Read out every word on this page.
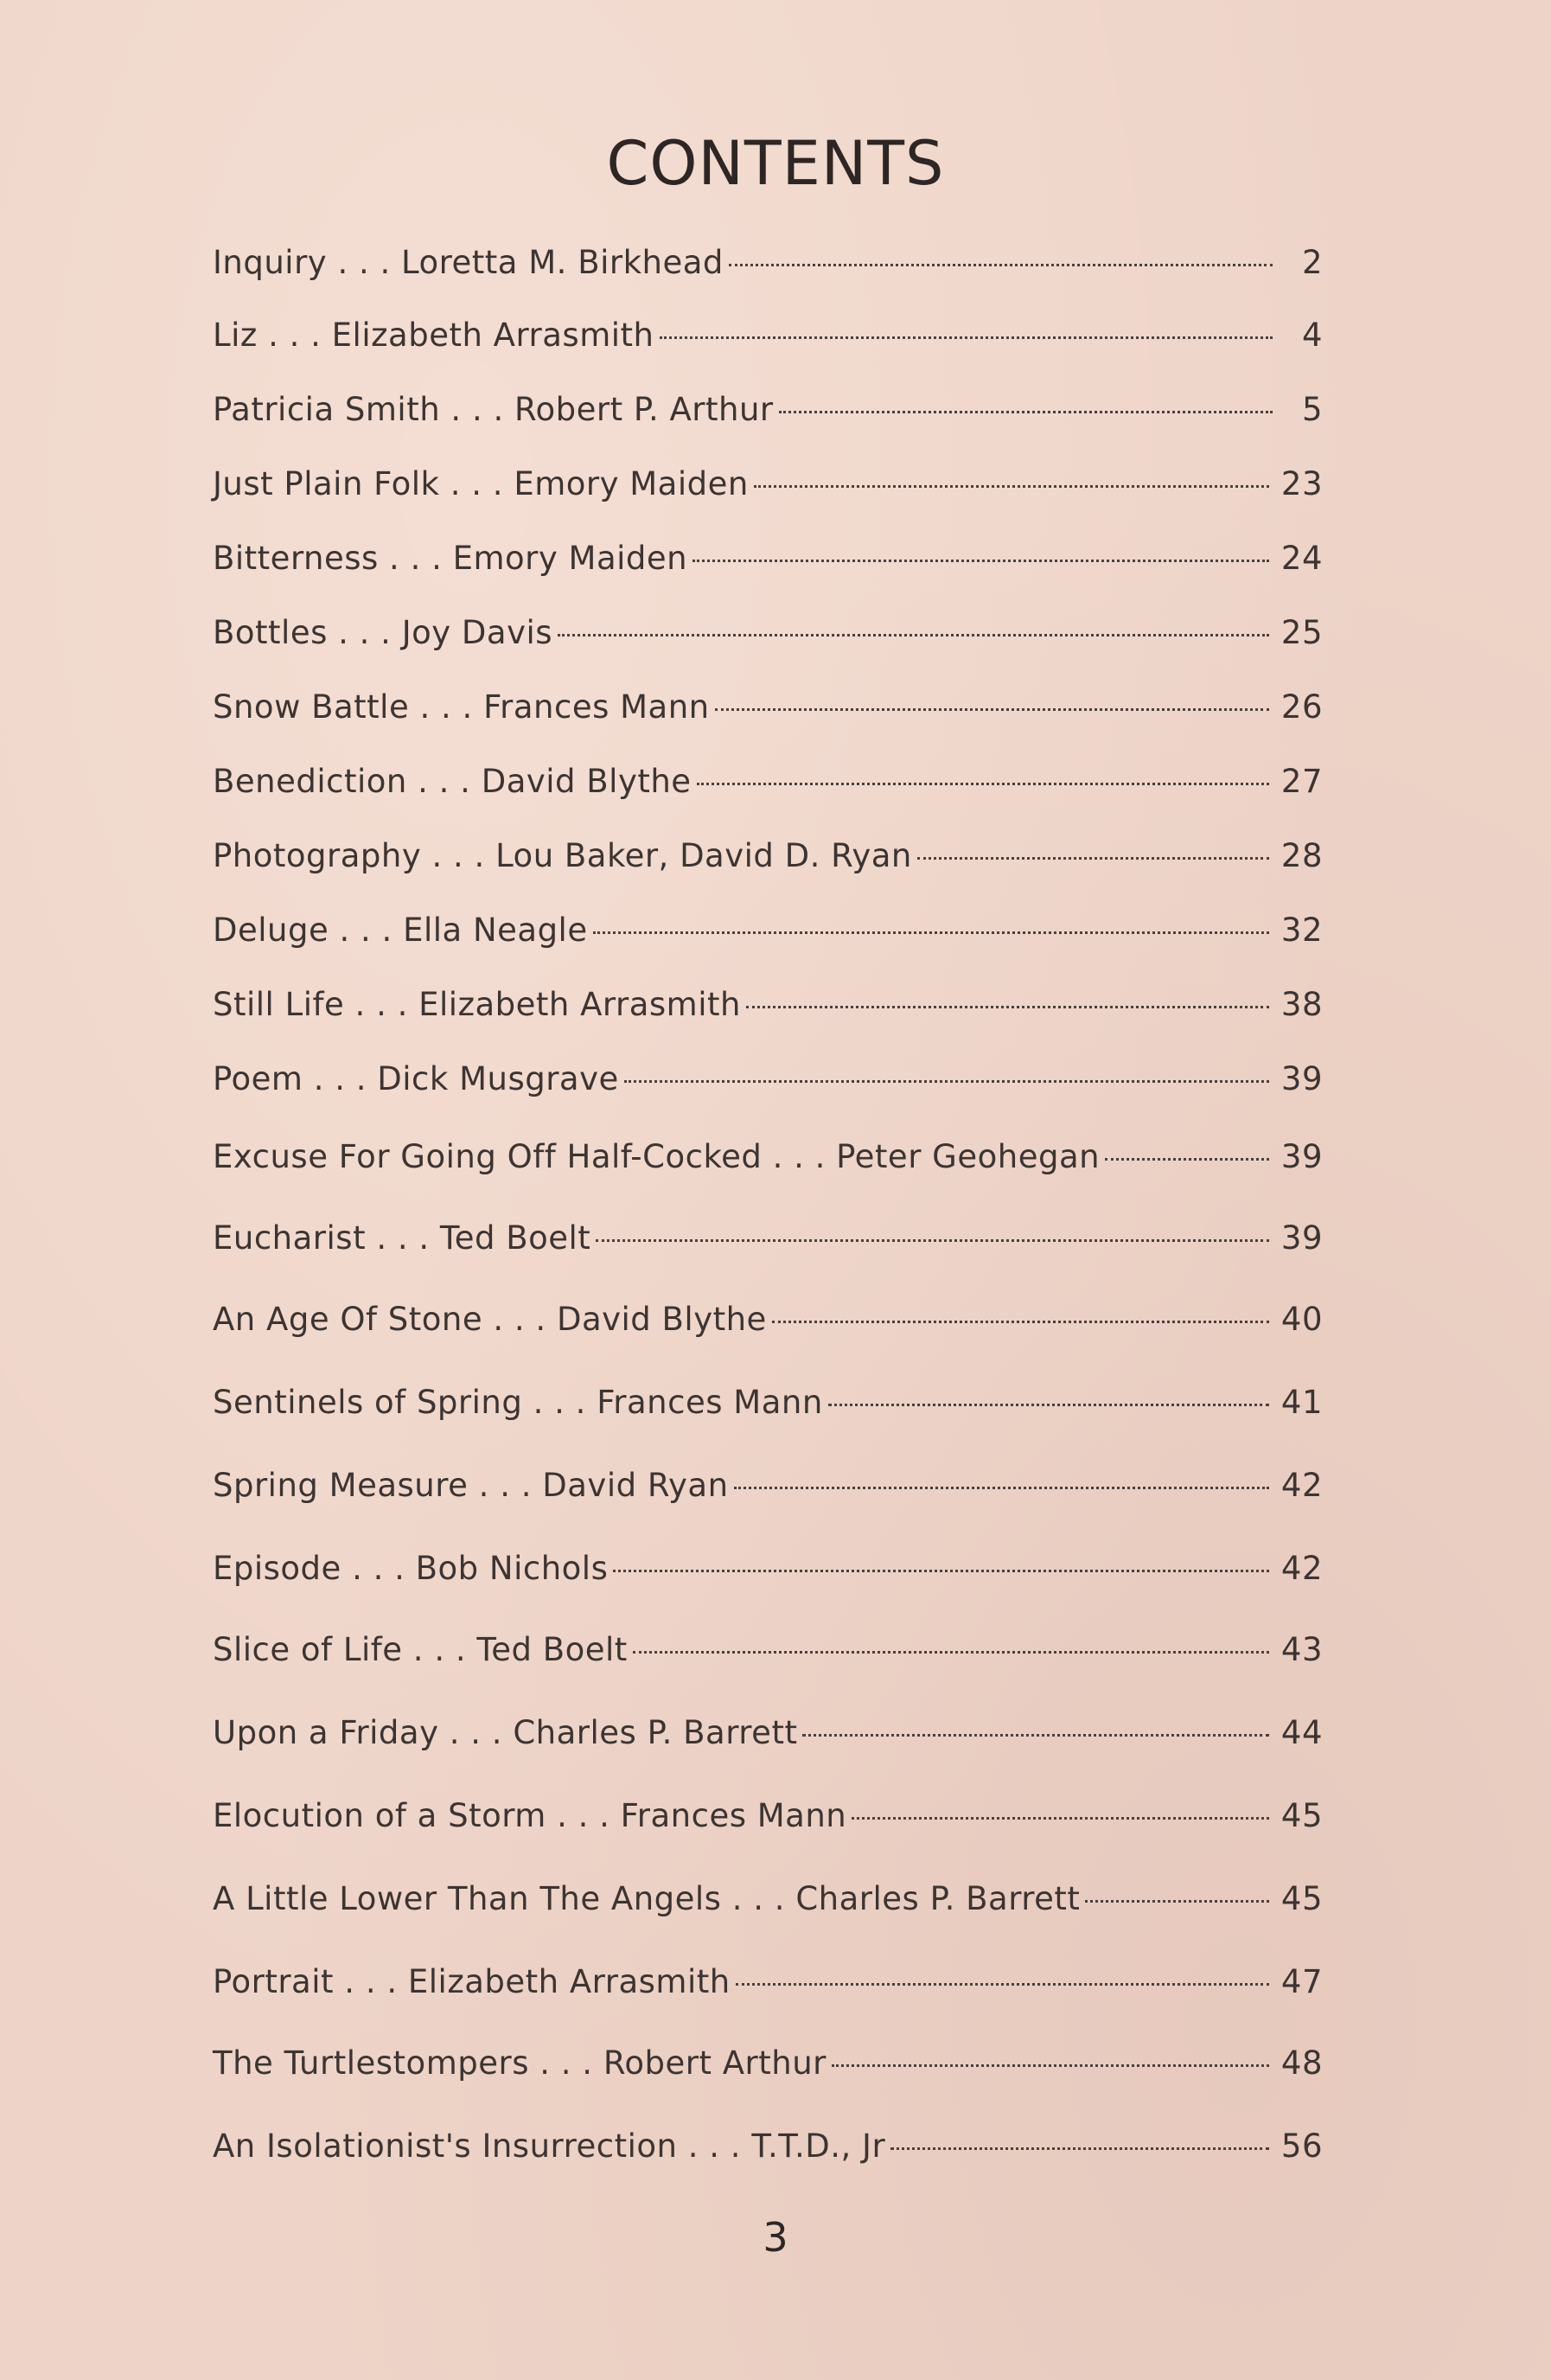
CONTENTS
Inquiry . . . Loretta M. Birkhead	2
Liz . . . Elizabeth Arrasmith	4
Patricia Smith . . . Robert P. Arthur	5
Just Plain Folk . . . Emory Maiden	23
Bitterness . . . Emory Maiden	24
Bottles . . . Joy Davis	25
Snow Battle . . . Frances Mann	26
Benediction . . . David Blythe	27
Photography . . . Lou Baker, David D. Ryan	28
Deluge . . . Ella Neagle	32
Still Life . . . Elizabeth Arrasmith	38
Poem . . . Dick Musgrave	39
Excuse For Going Off Half-Cocked . . . Peter Geohegan	39
Eucharist . . . Ted Boelt	39
An Age Of Stone . . . David Blythe	40
Sentinels of Spring . . . Frances Mann	41
Spring Measure . . . David Ryan	42
Episode . . . Bob Nichols	42
Slice of Life . . . Ted Boelt	43
Upon a Friday . . . Charles P. Barrett	44
Elocution of a Storm . . . Frances Mann	45
A Little Lower Than The Angels . . . Charles P. Barrett	45
Portrait . . . Elizabeth Arrasmith	47
The Turtlestompers . . . Robert Arthur	48
An Isolationist's Insurrection . . . T.T.D., Jr	56
3
